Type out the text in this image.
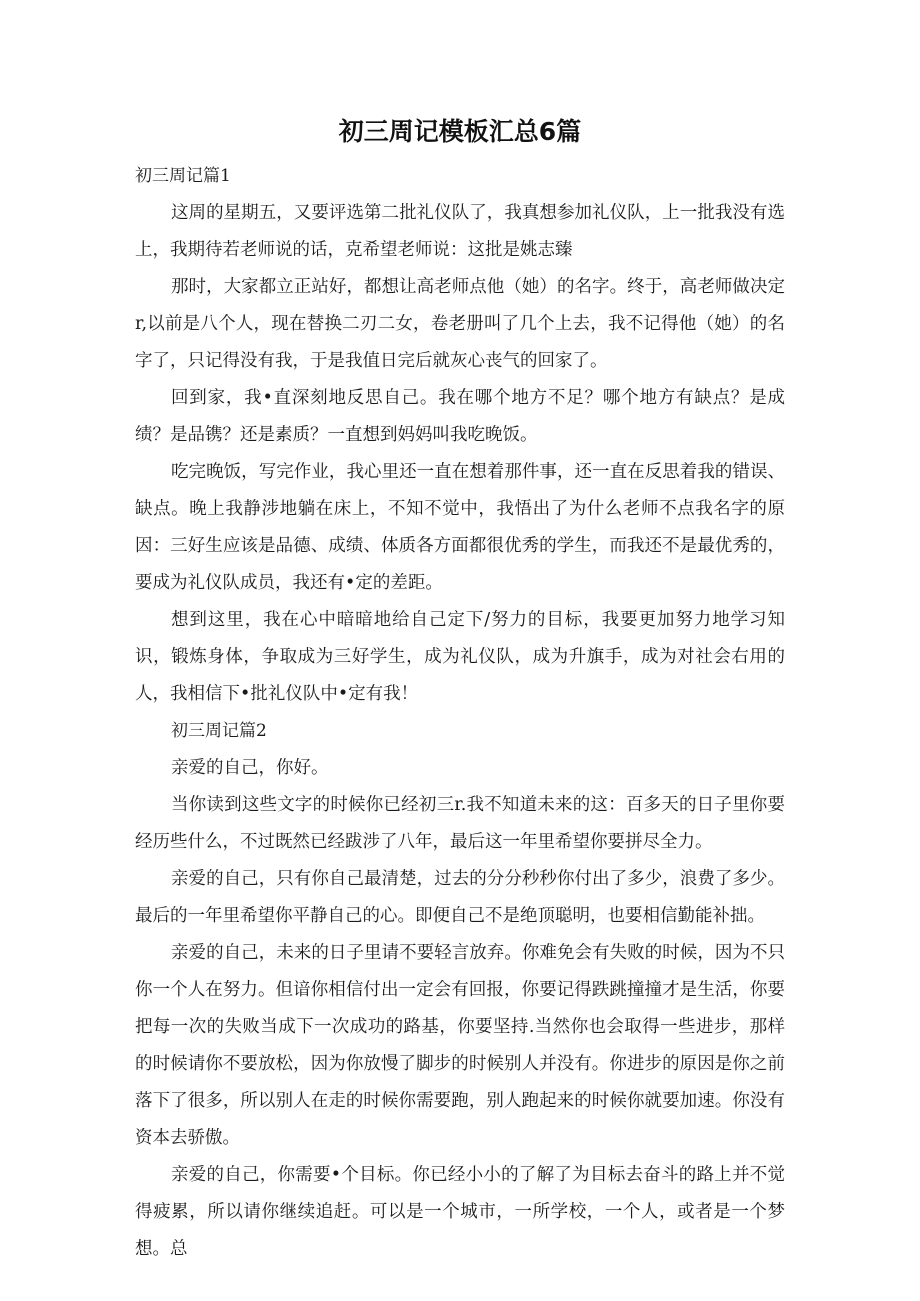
初三周记模板汇总6篇

初三周记篇1

这周的星期五，又要评选第二批礼仪队了，我真想参加礼仪队，上一批我没有选上，我期待若老师说的话，克希望老师说：这批是姚志臻

那时，大家都立正站好，都想让高老师点他（她）的名字。终于，高老师做决定r,以前是八个人，现在替换二刃二女，卷老册叫了几个上去，我不记得他（她）的名字了，只记得没有我，于是我值日完后就灰心丧气的回家了。

回到家，我•直深刻地反思自己。我在哪个地方不足？哪个地方有缺点？是成绩？是品镌？还是素质？一直想到妈妈叫我吃晚饭。

吃完晚饭，写完作业，我心里还一直在想着那件事，还一直在反思着我的错误、缺点。晚上我静涉地躺在床上，不知不觉中，我悟出了为什么老师不点我名字的原因：三好生应该是品德、成绩、体质各方面都很优秀的学生，而我还不是最优秀的，要成为礼仪队成员，我还有•定的差距。

想到这里，我在心中暗暗地给自己定下/努力的目标，我要更加努力地学习知识，锻炼身体，争取成为三好学生，成为礼仪队，成为升旗手，成为对社会右用的人，我相信下•批礼仪队中•定有我！

初三周记篇2

亲爱的自己，你好。

当你读到这些文字的时候你已经初三r.我不知道未来的这：百多天的日子里你要经历些什么，不过既然已经跋涉了八年，最后这一年里希望你要拼尽全力。

亲爱的自己，只有你自己最清楚，过去的分分秒秒你付出了多少，浪费了多少。最后的一年里希望你平静自己的心。即便自己不是绝顶聪明，也要相信勤能补拙。

亲爱的自己，未来的日子里请不要轻言放弃。你难免会有失败的时候，因为不只你一个人在努力。但谙你相信付出一定会有回报，你要记得跌跳撞撞才是生活，你要把每一次的失败当成下一次成功的路基，你要坚持.当然你也会取得一些进步，那样的时候请你不要放松，因为你放慢了脚步的时候别人并没有。你进步的原因是你之前落下了很多，所以别人在走的时候你需要跑，别人跑起来的时候你就要加速。你没有资本去骄傲。

亲爱的自己，你需要•个目标。你已经小小的了解了为目标去奋斗的路上并不觉得疲累，所以请你继续追赶。可以是一个城市，一所学校，一个人，或者是一个梦想。总
